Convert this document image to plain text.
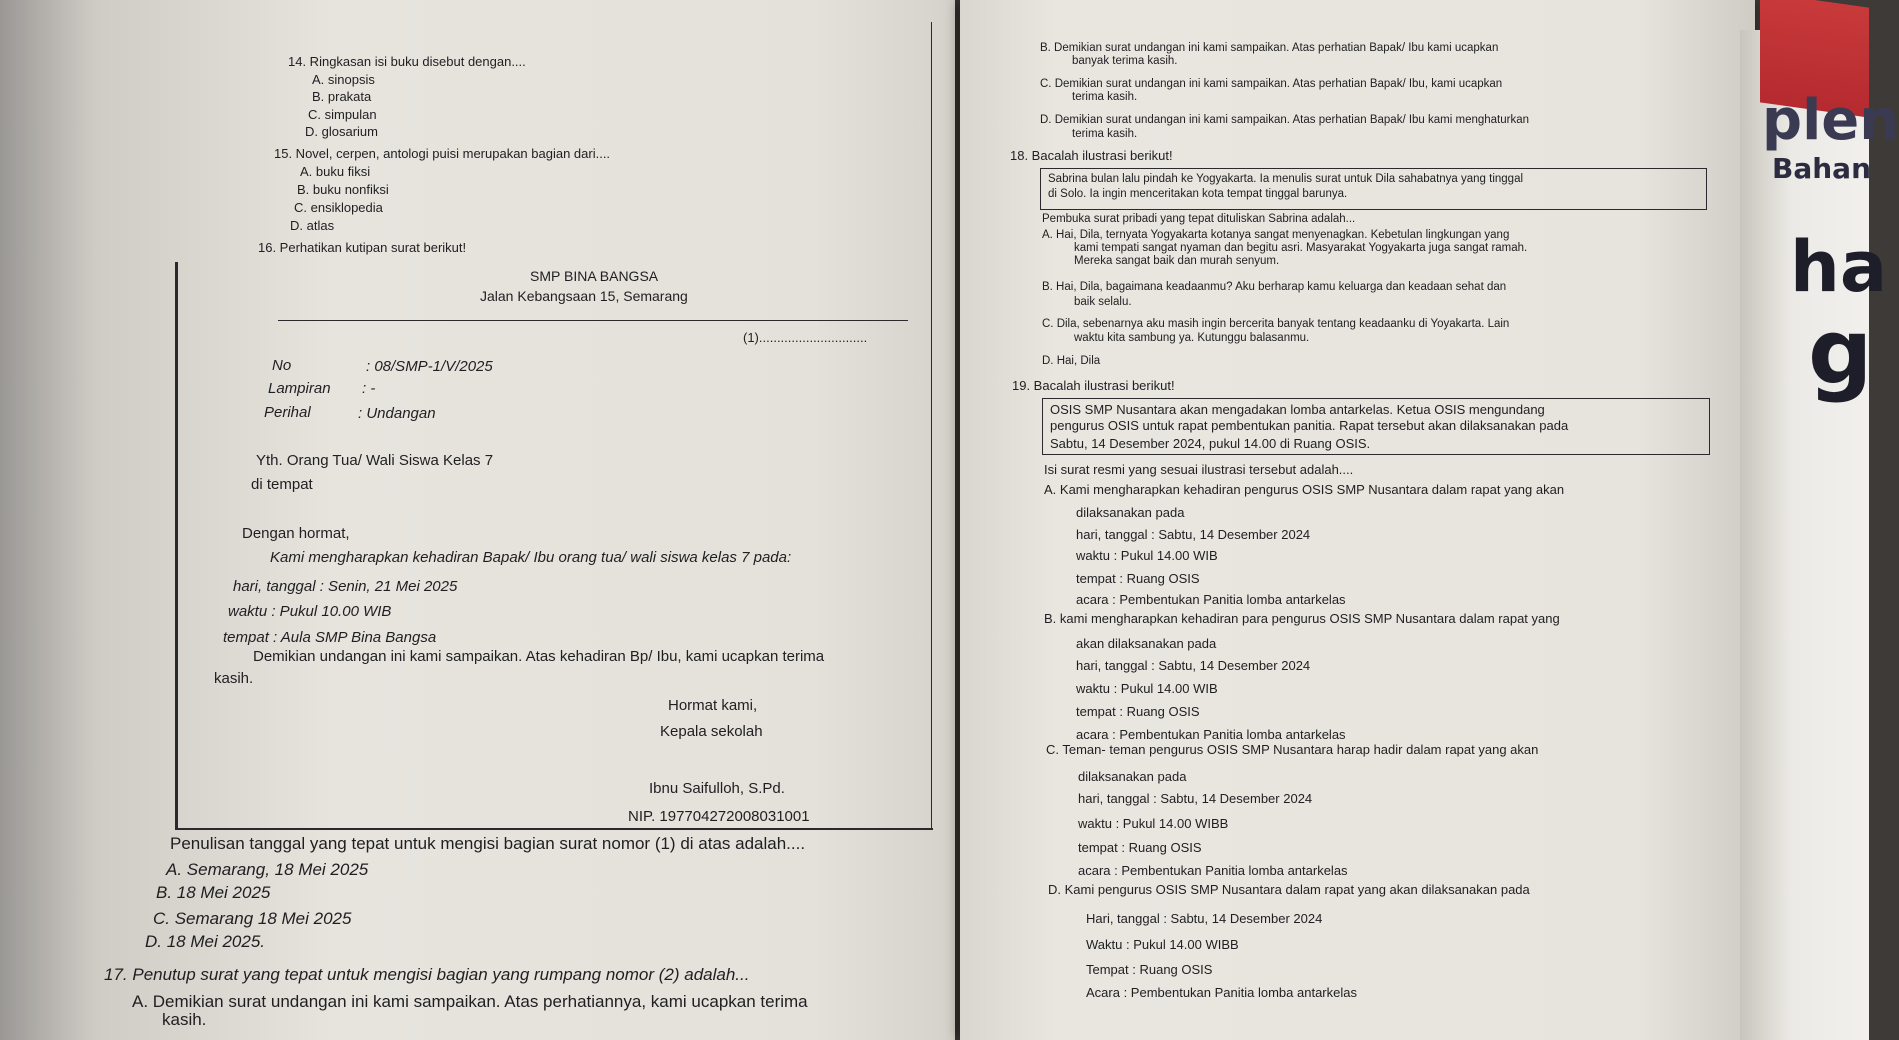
14. Ringkasan isi buku disebut dengan....
A. sinopsis
B. prakata
C. simpulan
D. glosarium
15. Novel, cerpen, antologi puisi merupakan bagian dari....
A. buku fiksi
B. buku nonfiksi
C. ensiklopedia
D. atlas
16. Perhatikan kutipan surat berikut!
SMP BINA BANGSA
Jalan Kebangsaan 15, Semarang
(1)..............................
No	: 08/SMP-1/V/2025
Lampiran : -
Perihal	: Undangan
Yth. Orang Tua/ Wali Siswa Kelas 7
di tempat
Dengan hormat,
Kami mengharapkan kehadiran Bapak/ Ibu orang tua/ wali siswa kelas 7 pada:
hari, tanggal : Senin, 21 Mei 2025
waktu : Pukul 10.00 WIB
tempat : Aula SMP Bina Bangsa
Demikian undangan ini kami sampaikan. Atas kehadiran Bp/ Ibu, kami ucapkan terima
kasih.
Hormat kami,
Kepala sekolah
Ibnu Saifulloh, S.Pd.
NIP. 197704272008031001
Penulisan tanggal yang tepat untuk mengisi bagian surat nomor (1) di atas adalah....
A. Semarang, 18 Mei 2025
B. 18 Mei 2025
C. Semarang 18 Mei 2025
D. 18 Mei 2025.
17. Penutup surat yang tepat untuk mengisi bagian yang rumpang nomor (2) adalah...
A. Demikian surat undangan ini kami sampaikan. Atas perhatiannya, kami ucapkan terima
kasih.
B. Demikian surat undangan ini kami sampaikan. Atas perhatian Bapak/ Ibu kami ucapkan
banyak terima kasih.
C. Demikian surat undangan ini kami sampaikan. Atas perhatian Bapak/ Ibu, kami ucapkan
terima kasih.
D. Demikian surat undangan ini kami sampaikan. Atas perhatian Bapak/ Ibu kami menghaturkan
terima kasih.
18. Bacalah ilustrasi berikut!
Sabrina bulan lalu pindah ke Yogyakarta. Ia menulis surat untuk Dila sahabatnya yang tinggal
di Solo. Ia ingin menceritakan kota tempat tinggal barunya.
Pembuka surat pribadi yang tepat dituliskan Sabrina adalah...
A. Hai, Dila, ternyata Yogyakarta kotanya sangat menyenagkan. Kebetulan lingkungan yang
kami tempati sangat nyaman dan begitu asri. Masyarakat Yogyakarta juga sangat ramah.
Mereka sangat baik dan murah senyum.
B. Hai, Dila, bagaimana keadaanmu? Aku berharap kamu keluarga dan keadaan sehat dan
baik selalu.
C. Dila, sebenarnya aku masih ingin bercerita banyak tentang keadaanku di Yoyakarta. Lain
waktu kita sambung ya. Kutunggu balasanmu.
D. Hai, Dila
19. Bacalah ilustrasi berikut!
OSIS SMP Nusantara akan mengadakan lomba antarkelas. Ketua OSIS mengundang
pengurus OSIS untuk rapat pembentukan panitia. Rapat tersebut akan dilaksanakan pada
Sabtu, 14 Desember 2024, pukul 14.00 di Ruang OSIS.
Isi surat resmi yang sesuai ilustrasi tersebut adalah....
A. Kami mengharapkan kehadiran pengurus OSIS SMP Nusantara dalam rapat yang akan
dilaksanakan pada
hari, tanggal : Sabtu, 14 Desember 2024
waktu : Pukul 14.00 WIB
tempat : Ruang OSIS
acara : Pembentukan Panitia lomba antarkelas
B. kami mengharapkan kehadiran para pengurus OSIS SMP Nusantara dalam rapat yang
akan dilaksanakan pada
hari, tanggal : Sabtu, 14 Desember 2024
waktu : Pukul 14.00 WIB
tempat : Ruang OSIS
acara : Pembentukan Panitia lomba antarkelas
C. Teman- teman pengurus OSIS SMP Nusantara harap hadir dalam rapat yang akan
dilaksanakan pada
hari, tanggal : Sabtu, 14 Desember 2024
waktu : Pukul 14.00 WIBB
tempat : Ruang OSIS
acara : Pembentukan Panitia lomba antarkelas
D. Kami pengurus OSIS SMP Nusantara dalam rapat yang akan dilaksanakan pada
Hari, tanggal : Sabtu, 14 Desember 2024
Waktu : Pukul 14.00 WIBB
Tempat : Ruang OSIS
Acara : Pembentukan Panitia lomba antarkelas
plen
Bahan
ha
g
